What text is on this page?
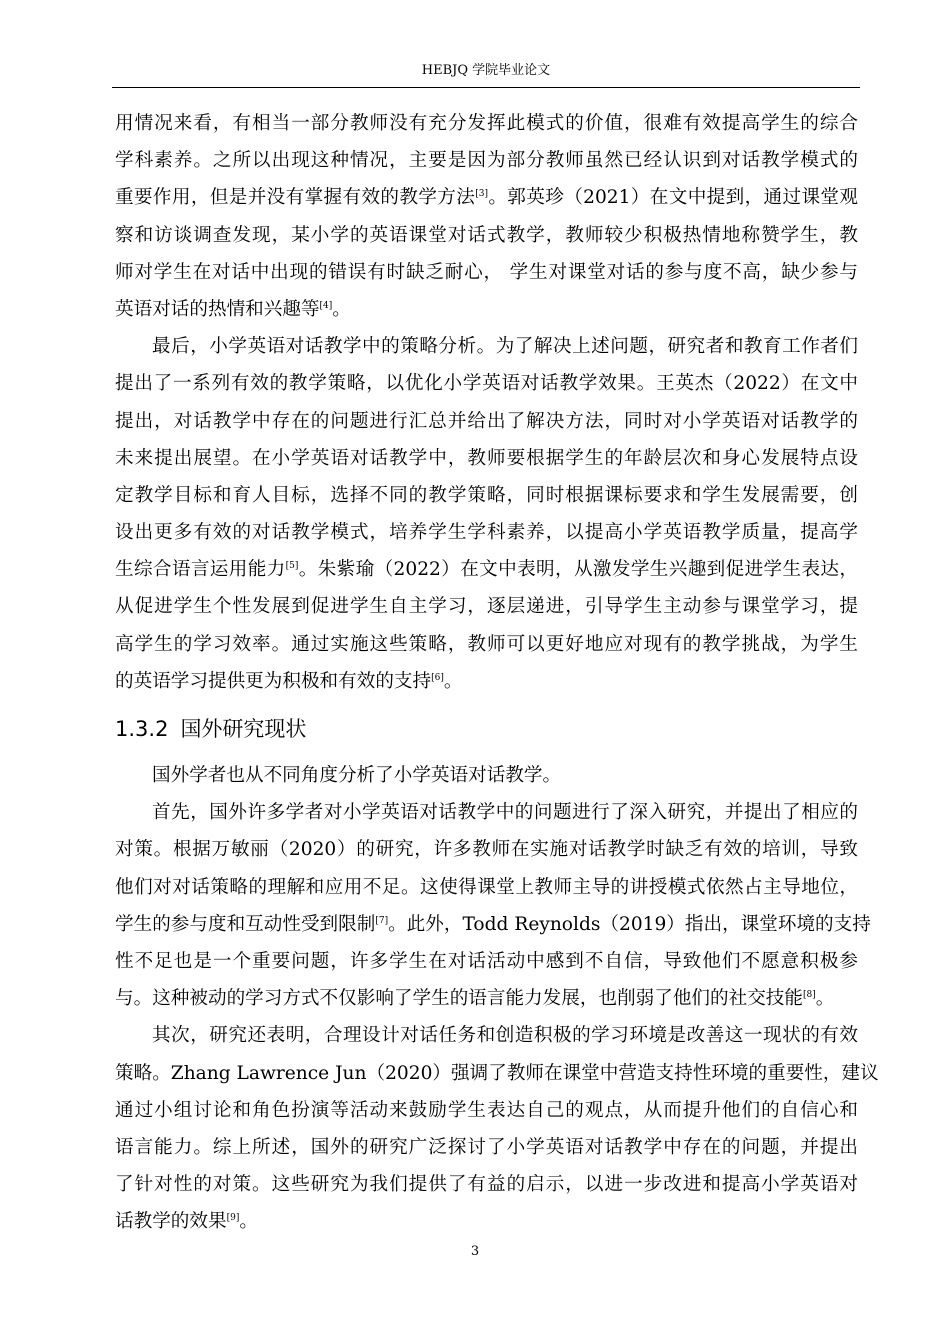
HEBJQ 学院毕业论文
用情况来看，有相当一部分教师没有充分发挥此模式的价值，很难有效提高学生的综合
学科素养。之所以出现这种情况，主要是因为部分教师虽然已经认识到对话教学模式的
重要作用，但是并没有掌握有效的教学方法[3]。郭英珍（2021）在文中提到，通过课堂观
察和访谈调查发现，某小学的英语课堂对话式教学，教师较少积极热情地称赞学生，教
师对学生在对话中出现的错误有时缺乏耐心， 学生对课堂对话的参与度不高，缺少参与
英语对话的热情和兴趣等[4]。
最后，小学英语对话教学中的策略分析。为了解决上述问题，研究者和教育工作者们
提出了一系列有效的教学策略，以优化小学英语对话教学效果。王英杰（2022）在文中
提出，对话教学中存在的问题进行汇总并给出了解决方法，同时对小学英语对话教学的
未来提出展望。在小学英语对话教学中，教师要根据学生的年龄层次和身心发展特点设
定教学目标和育人目标，选择不同的教学策略，同时根据课标要求和学生发展需要，创
设出更多有效的对话教学模式，培养学生学科素养，以提高小学英语教学质量，提高学
生综合语言运用能力[5]。朱紫瑜（2022）在文中表明，从激发学生兴趣到促进学生表达，
从促进学生个性发展到促进学生自主学习，逐层递进，引导学生主动参与课堂学习，提
高学生的学习效率。通过实施这些策略，教师可以更好地应对现有的教学挑战，为学生
的英语学习提供更为积极和有效的支持[6]。
1.3.2 国外研究现状
国外学者也从不同角度分析了小学英语对话教学。
首先，国外许多学者对小学英语对话教学中的问题进行了深入研究，并提出了相应的
对策。根据万敏丽（2020）的研究，许多教师在实施对话教学时缺乏有效的培训，导致
他们对对话策略的理解和应用不足。这使得课堂上教师主导的讲授模式依然占主导地位，
学生的参与度和互动性受到限制[7]。此外，Todd Reynolds（2019）指出，课堂环境的支持
性不足也是一个重要问题，许多学生在对话活动中感到不自信，导致他们不愿意积极参
与。这种被动的学习方式不仅影响了学生的语言能力发展，也削弱了他们的社交技能[8]。
其次，研究还表明，合理设计对话任务和创造积极的学习环境是改善这一现状的有效
策略。Zhang Lawrence Jun（2020）强调了教师在课堂中营造支持性环境的重要性，建议
通过小组讨论和角色扮演等活动来鼓励学生表达自己的观点，从而提升他们的自信心和
语言能力。综上所述，国外的研究广泛探讨了小学英语对话教学中存在的问题，并提出
了针对性的对策。这些研究为我们提供了有益的启示，以进一步改进和提高小学英语对
话教学的效果[9]。
3
